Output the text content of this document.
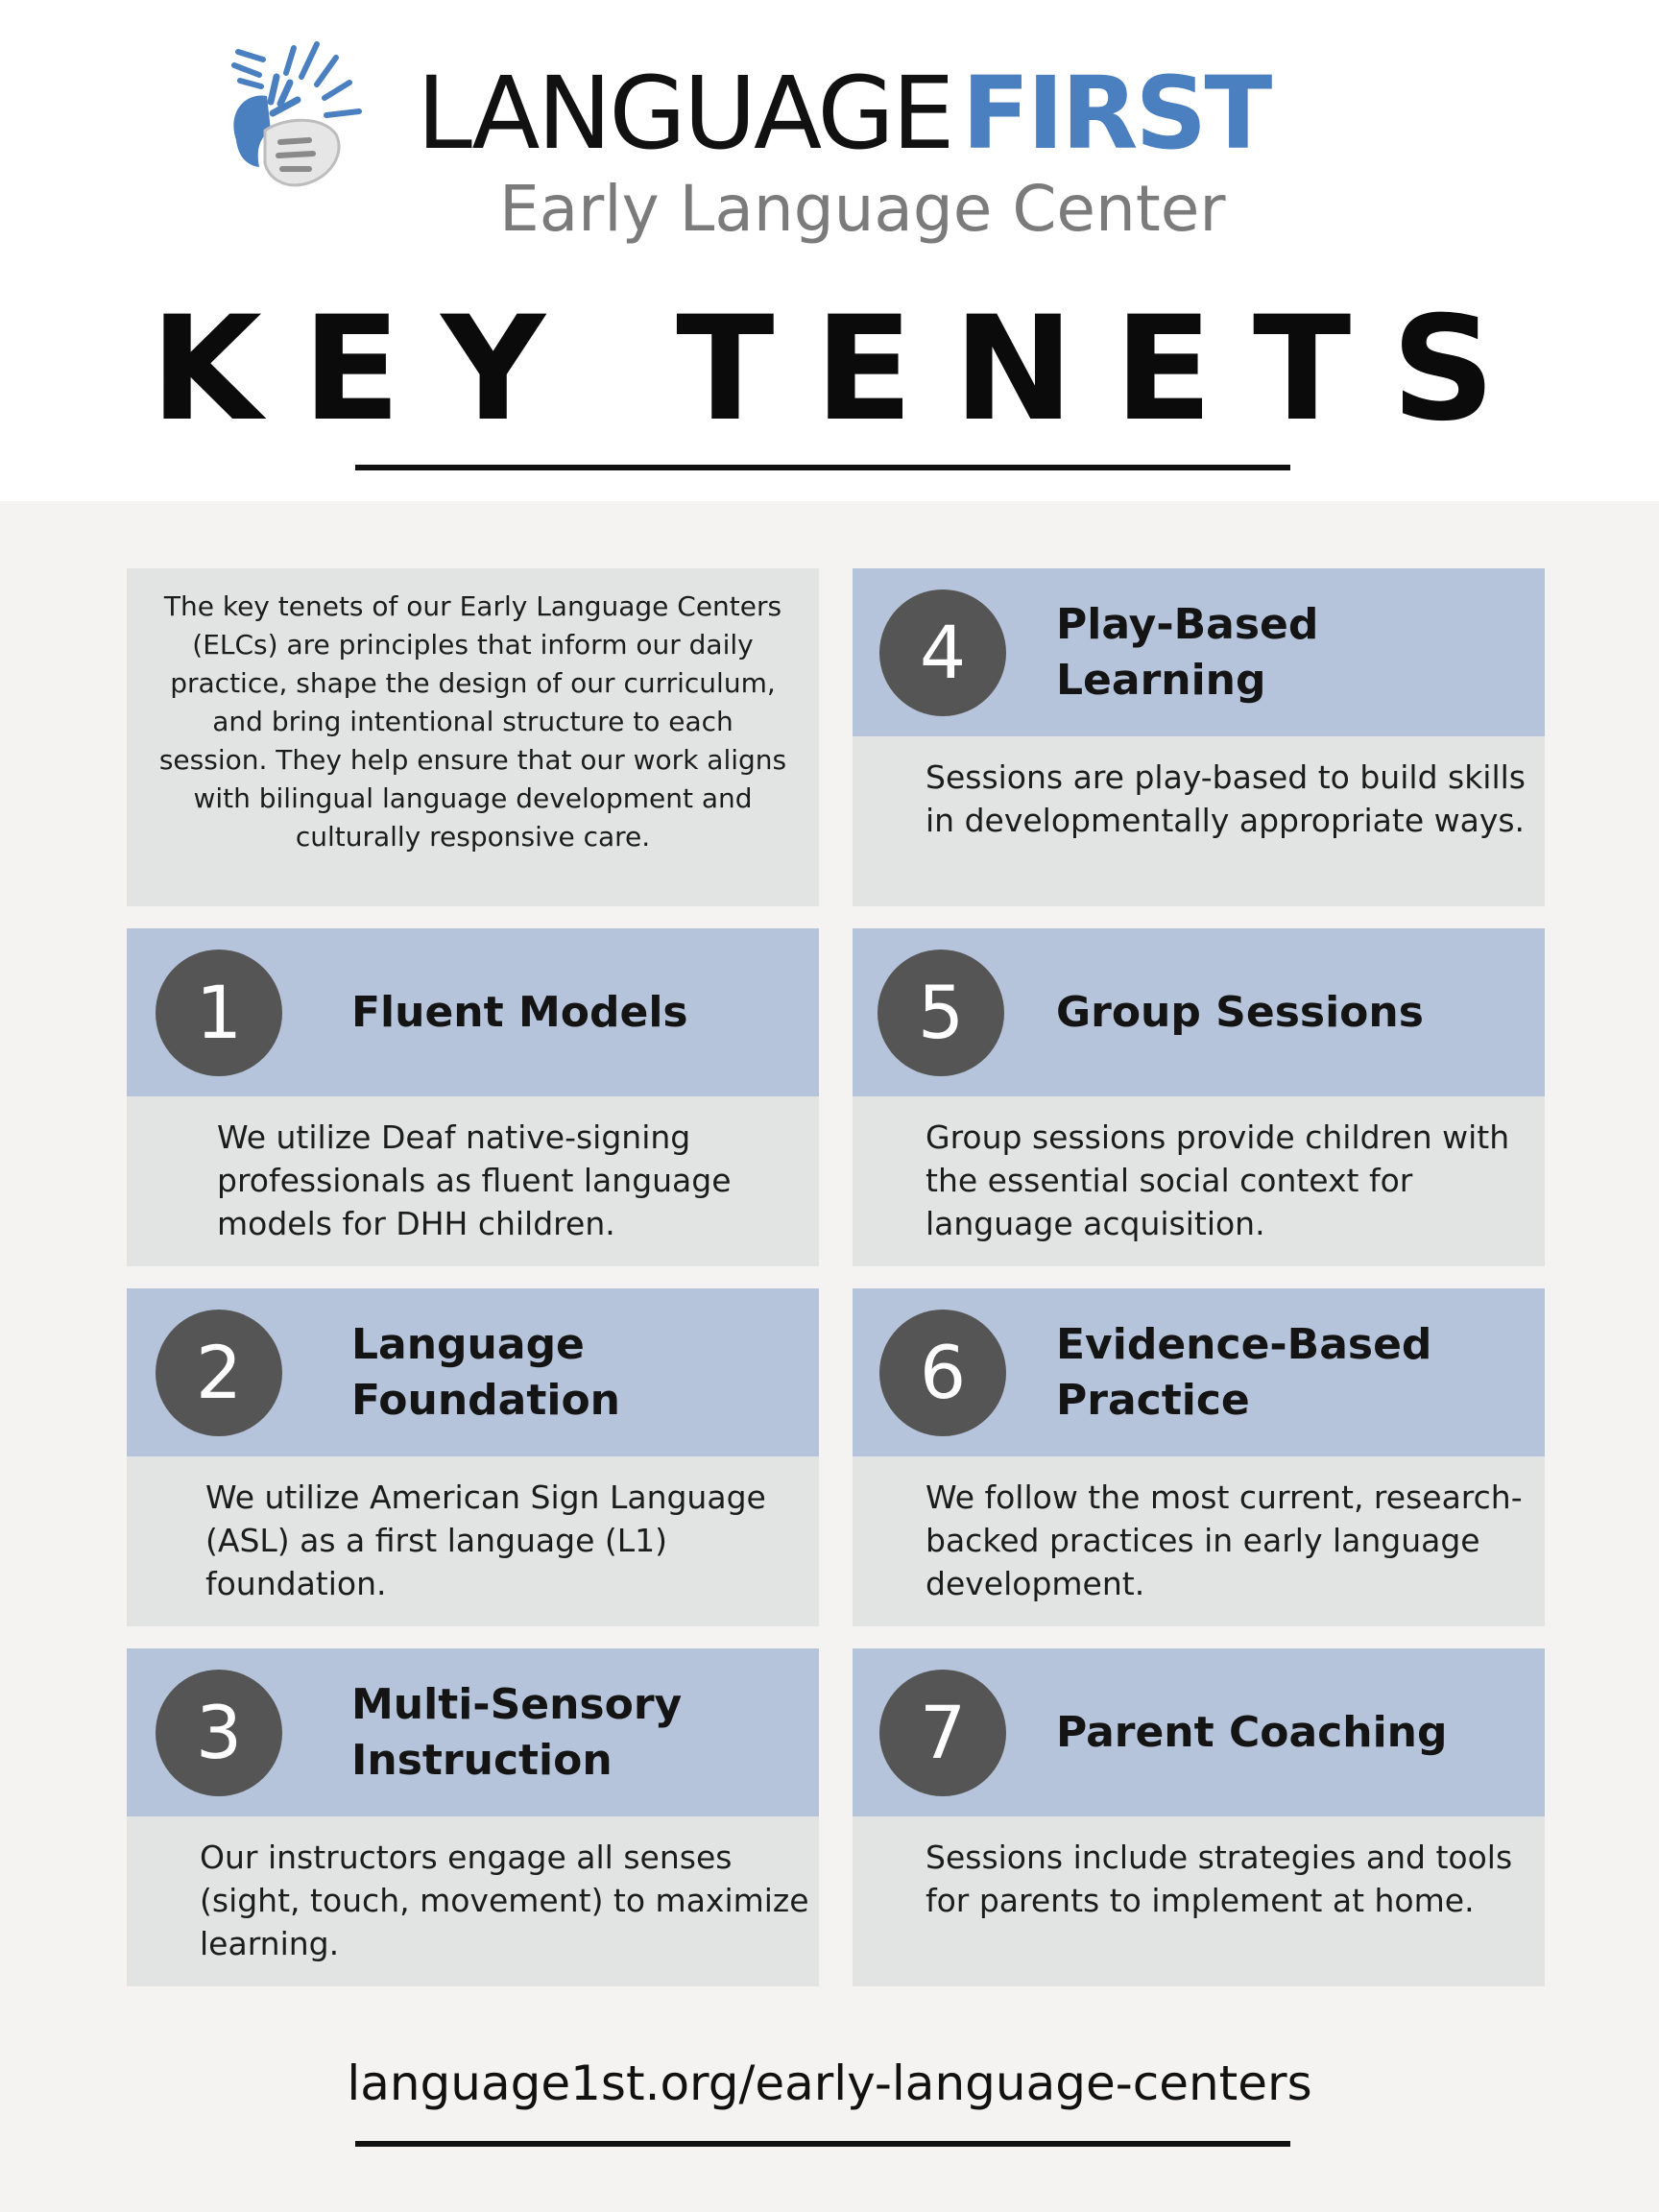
LANGUAGEFIRST
Early Language Center
KEY TENETS
The key tenets of our Early Language Centers (ELCs) are principles that inform our daily practice, shape the design of our curriculum, and bring intentional structure to each session. They help ensure that our work aligns with bilingual language development and culturally responsive care.
1	Fluent Models
We utilize Deaf native-signing professionals as fluent language models for DHH children.
2	Language Foundation
We utilize American Sign Language (ASL) as a first language (L1) foundation.
3	Multi-Sensory Instruction
Our instructors engage all senses (sight, touch, movement) to maximize learning.
4	Play-Based Learning
Sessions are play-based to build skills in developmentally appropriate ways.
5	Group Sessions
Group sessions provide children with the essential social context for language acquisition.
6	Evidence-Based Practice
We follow the most current, research-backed practices in early language development.
7	Parent Coaching
Sessions include strategies and tools for parents to implement at home.
language1st.org/early-language-centers
